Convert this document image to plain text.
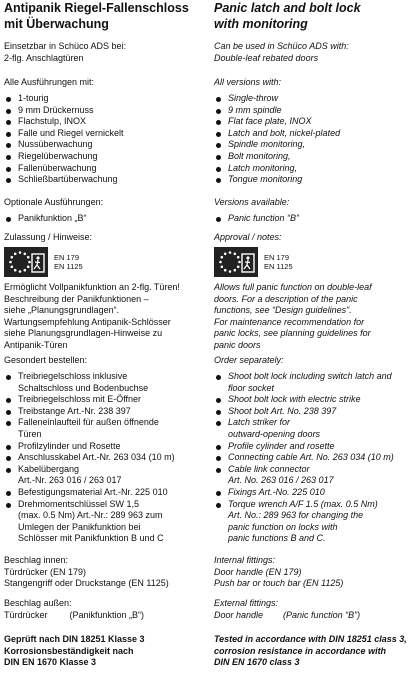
Antipanik Riegel-Fallenschloss
mit Überwachung
Einsetzbar in Schüco ADS bei:
2-flg. Anschlagtüren
Alle Ausführungen mit:
1-tourig
9 mm Drückernuss
Flachstulp, INOX
Falle und Riegel vernickelt
Nussüberwachung
Riegelüberwachung
Fallenüberwachung
Schließbartüberwachung
Optionale Ausführungen:
Panikfunktion „B“
Zulassung / Hinweise:
EN 179
EN 1125
Ermöglicht Vollpanikfunktion an 2-flg. Türen!
Beschreibung der Panikfunktionen –
siehe „Planungsgrundlagen“.
Wartungsempfehlung Antipanik-Schlösser
siehe Planungsgrundlagen-Hinweise zu
Antipanik-Türen
Gesondert bestellen:
Treibriegelschloss inklusive
Schaltschloss und Bodenbuchse
Treibriegelschloss mit E-Öffner
Treibstange Art.-Nr. 238 397
Falleneinlaufteil für außen öffnende
Türen
Profilzylinder und Rosette
Anschlusskabel Art.-Nr. 263 034 (10 m)
Kabelübergang
Art.-Nr. 263 016 / 263 017
Befestigungsmaterial Art.-Nr. 225 010
Drehmomentschlüssel SW 1,5
(max. 0.5 Nm) Art.-Nr.: 289 963 zum
Umlegen der Panikfunktion bei
Schlösser mit Panikfunktion B und C
Beschlag innen:
Türdrücker (EN 179)
Stangengriff oder Druckstange (EN 1125)
Beschlag außen:
Türdrücker (Panikfunktion „B“)
Geprüft nach DIN 18251 Klasse 3
Korrosionsbeständigkeit nach
DIN EN 1670 Klasse 3
Panic latch and bolt lock
with monitoring
Can be used in Schüco ADS with:
Double-leaf rebated doors
All versions with:
Single-throw
9 mm spindle
Flat face plate, INOX
Latch and bolt, nickel-plated
Spindle monitoring,
Bolt monitoring,
Latch monitoring,
Tongue monitoring
Versions available:
Panic function “B”
Approval / notes:
EN 179
EN 1125
Allows full panic function on double-leaf
doors. For a description of the panic
functions, see “Design guidelines”.
For maintenance recommendation for
panic locks, see planning guidelines for
panic doors
Order separately:
Shoot bolt lock including switch latch and
floor socket
Shoot bolt lock with electric strike
Shoot bolt Art. No. 238 397
Latch striker for
outward-opening doors
Profile cylinder and rosette
Connecting cable Art. No. 263 034 (10 m)
Cable link connector
Art. No. 263 016 / 263 017
Fixings Art.-No. 225 010
Torque wrench A/F 1.5 (max. 0.5 Nm)
Art. No.: 289 963 for changing the
panic function on locks with
panic functions B and C.
Internal fittings:
Door handle (EN 179)
Push bar or touch bar (EN 1125)
External fittings:
Door handle (Panic function “B”)
Tested in accordance with DIN 18251 class 3,
corrosion resistance in accordance with
DIN EN 1670 class 3
